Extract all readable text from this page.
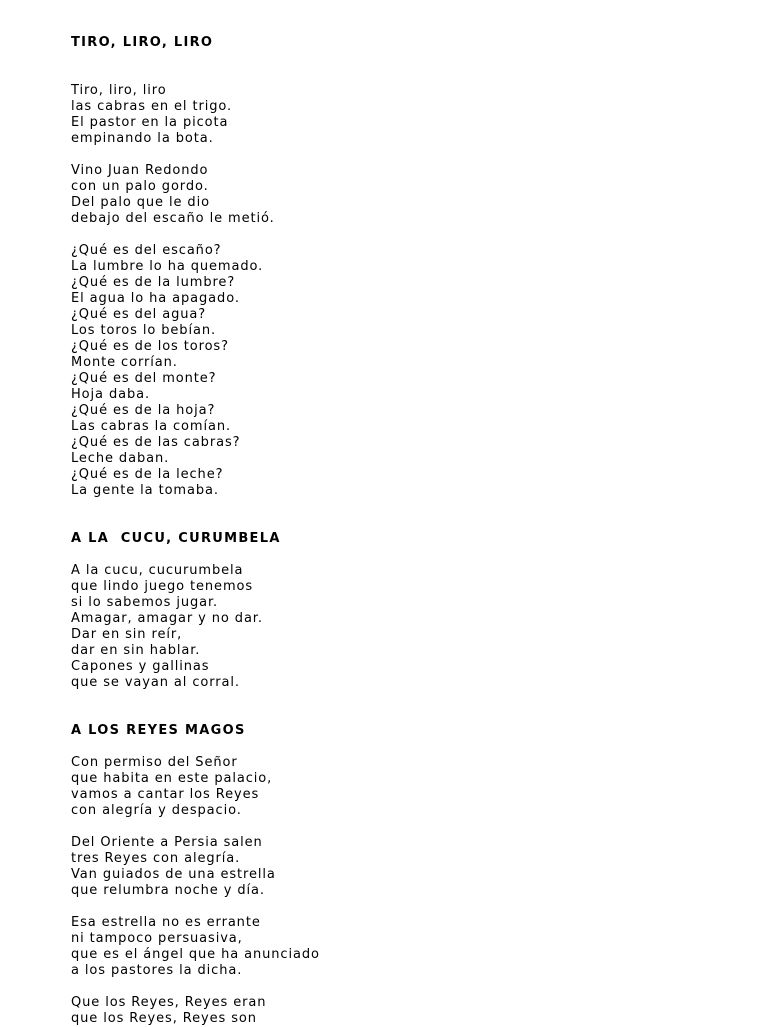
TIRO, LIRO, LIRO
Tiro, liro, liro
las cabras en el trigo.
El pastor en la picota
empinando la bota.
Vino Juan Redondo
con un palo gordo.
Del palo que le dio
debajo del escaño le metió.
¿Qué es del escaño?
La lumbre lo ha quemado.
¿Qué es de la lumbre?
El agua lo ha apagado.
¿Qué es del agua?
Los toros lo bebían.
¿Qué es de los toros?
Monte corrían.
¿Qué es del monte?
Hoja daba.
¿Qué es de la hoja?
Las cabras la comían.
¿Qué es de las cabras?
Leche daban.
¿Qué es de la leche?
La gente la tomaba.
A LA  CUCU, CURUMBELA
A la cucu, cucurumbela
que lindo juego tenemos
si lo sabemos jugar.
Amagar, amagar y no dar.
Dar en sin reír,
dar en sin hablar.
Capones y gallinas
que se vayan al corral.
A LOS REYES MAGOS
Con permiso del Señor
que habita en este palacio,
vamos a cantar los Reyes
con alegría y despacio.
Del Oriente a Persia salen
tres Reyes con alegría.
Van guiados de una estrella
que relumbra noche y día.
Esa estrella no es errante
ni tampoco persuasiva,
que es el ángel que ha anunciado
a los pastores la dicha.
Que los Reyes, Reyes eran
que los Reyes, Reyes son
